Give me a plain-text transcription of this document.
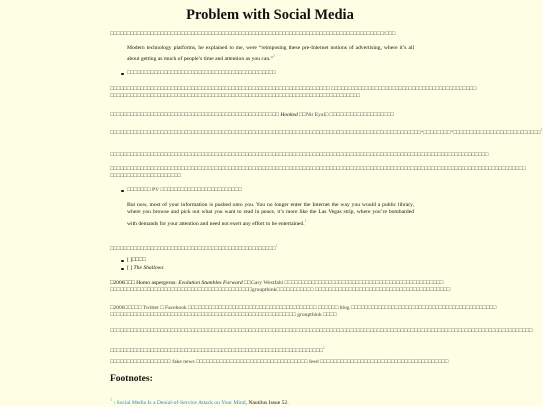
Problem with Social Media

□□□□□□□□□□□□□□□□□□□□□□□□□□□□□□□□□□□□□□□□□□□□□□□□□□□□□□□□□□□□□□□□□□□□□□□□□□□□□□□□□/□□□

Modern technology platforms, he explained to me, were “reimposing these pre-Internet notions of advertising, where it’s all about getting as much of people’s time and attention as you can.”$^1$
□□□□□□□□□□□□□□□□□□□□□□□□□□□□□□□□□□□□□□□□□□□□
□□□□□□□□□□□□□□□□□□□□□□□□□□□□□□□□□□□□□□□□□□□□□□□□□□□□□□□□□□□□□□□□□ □□□□□□□□□□□□□□□□□□□□□□□□□□□□□□□□□□□□□□□□□□□
□□□□□□□□□□□□□□□□□□□□□□□□□□□□□□□□□□□□□□□□□□□□□□□□□□□□□□□□□□□□□□□□□□□□□□□□□□
□□□□□□□□□□□□□□□□□□□□□□□□□□□□□□□□□□□□□□□□□□□□□□□□□□ Hooked □□Nir Eyal□ □□□□□□□□□□□□□□□□□□□
□□□□□□□□□□□□□□□□□□□□□□□□□□□□□□□□□□□□□□□□□□□□□□□□□□□□□□□□□□□□□□□□□□□□□□□□□□□□□□□□□□□□□□□□□□□□“□□□□□□□□”□□□□□□□□□□□□□□□□□□□□□□□□□□$^1$

□□□□□□□□□□□□□□□□□□□□□□□□□□□□□□□□□□□□□□□□□□□□□□□□□□□□□□□□□□□□□□□□□□□□□□□□□□□□□□□□□□□□□□□□□□□□□□□□□□□□□□□□□□□□□□□□

□□□□□□□□□□□□□□□□□□□□□□□□□□□□□□□□□□□□□□□□□□□□□□□□□□□□□□□□□□□□□□□□□□□□□□□□□□□□□□□□□□□□□□□□□□□□□□□□□□□□□□□□□□□□□□□□□□□□□□□□□□□
□□□□□□□□□□□□□□□□□□□□□
□□□□□□□ PV □□□□□□□□□□□□□□□□□□□□□□□□
But now, most of your information is pushed onto you. You no longer enter the Internet the way you would a public library, where you browse and pick out what you want to read in peace, it’s more like the Las Vegas strip, where you’re bombarded with demands for your attention and need not exert any effort to be entertained.$^1$
□□□□□□□□□□□□□□□□□□□□□□□□□□□□□□□□□□□□□□□□□□□□□□□□□$^1$
[ ]□□□□
[ ] The Shallows
□2006□□□ Homo aspergerus: Evolution Stumbles Forward □□Gary Westfahl □□□□□□□□□□□□□□□□□□□□□□□□□□□□□□□□□□□□□□□□□□□□□□□
□□□□□□□□□□□□□□□□□□□□□□□□□□□□□□□□□□□□□□□□□□groupthink□□□□□□□□□□□ □□□□□□□□□□□□□□□□□□□□□□□□□□□□□□□□□□□□□□□□
□2006□□□□□ Twitter □ Facebook □□□□□□□□□□□□□□□□□□□□□□□□□□□□□□□□□□□□□□ □□□□□□ blog □□□□□□□□□□□□□□□□□□□□□□□□□□□□□□□□□□□□□□□□□□□
□□□□□□□□□□□□□□□□□□□□□□□□□□□□□□□□□□□□□□□□□□□□□□□□□□□□□□□ groupthink □□□□
□□□□□□□□□□□□□□□□□□□□□□□□□□□□□□□□□□□□□□□□□□□□□□□□□□□□□□□□□□□□□□□□□□□□□□□□□□□□□□□□□□□□□□□□□□□□□□□□□□□□□□□□□□□□□□□□□□□□□□□□□□□□□
□□□□□□□□□□□□□□□□□□□□□□□□□□□□□□□□□□□□□□□□□□□□□□□□□□□□□□□□□□□□□□□$^1$

□□□□□□□□□□□□□□□□□□ fake news □□□□□□□□□□□□□□□□□□□□□□□□□□□□□□□□□ feed □□□□□□□□□□□□□□□□□□□□□□□□□□□□□□□□□□□□□□

Footnotes:
$^1$ : Social Media Is a Denial-of-Service Attack on Your Mind, Nautilus Issue 52.
